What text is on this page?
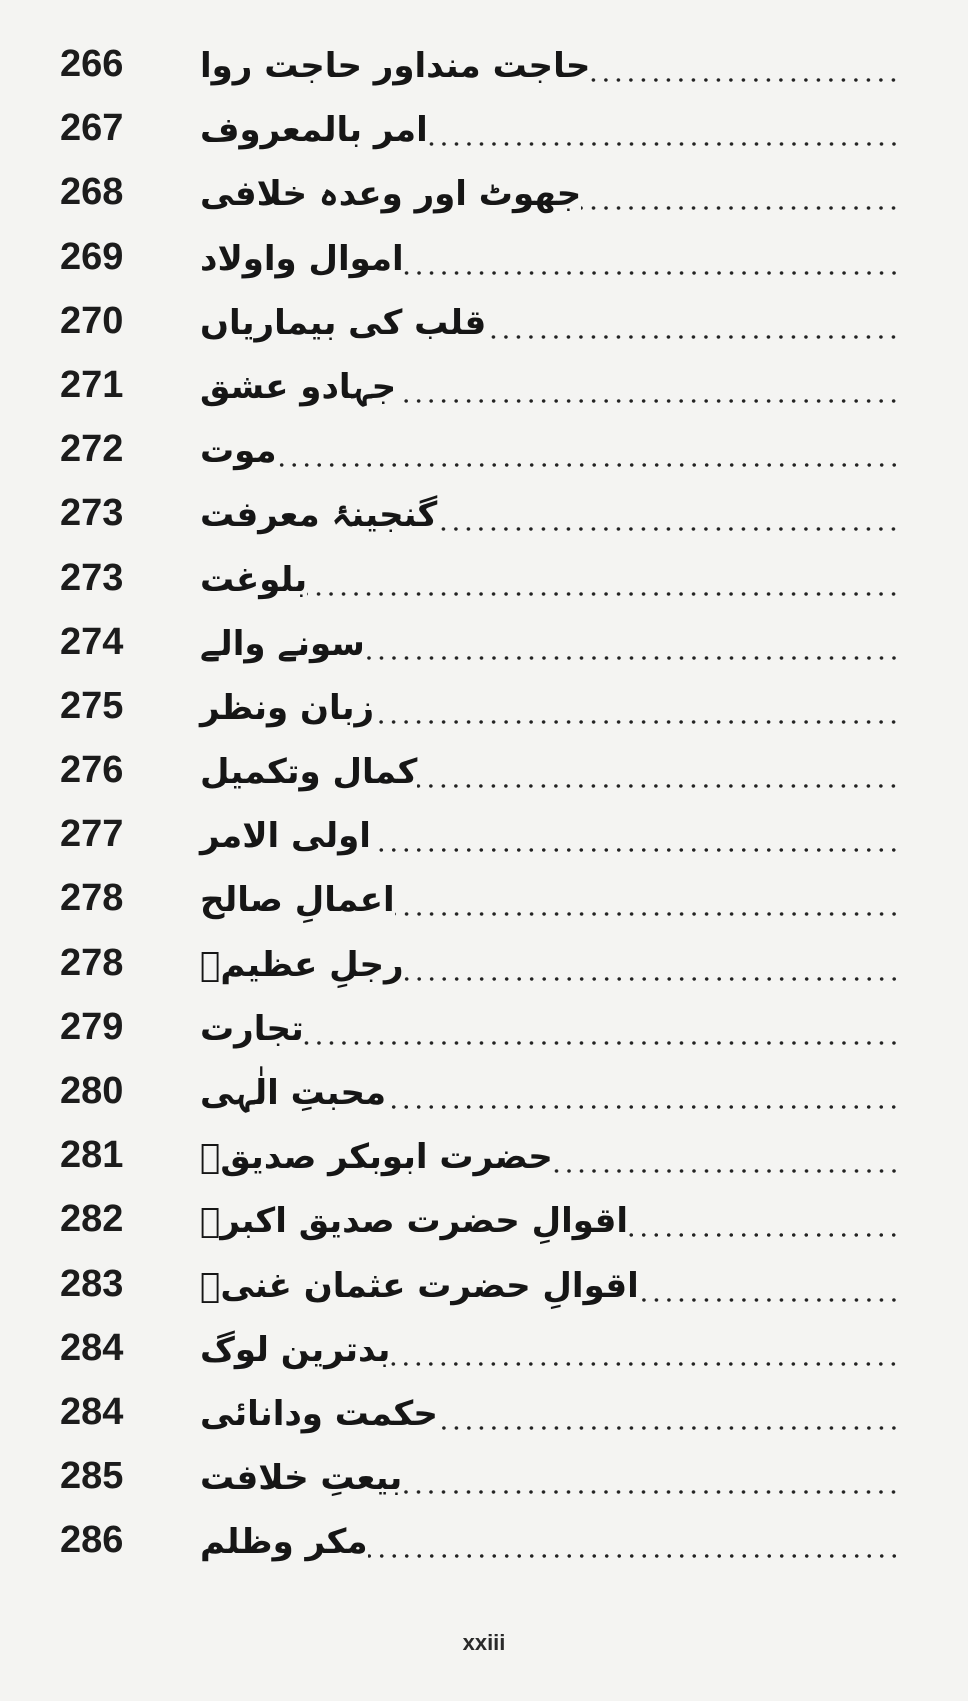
266 حاجت منداور حاجت روا
267 امر بالمعروف
268 جھوٹ اور وعدہ خلافی
269 اموال واولاد
270 قلب کی بیماریاں
271 جہادو عشق
272 موت
273 گنجینۂ معرفت
273 بلوغت
274 سونے والے
275 زبان ونظر
276 کمال وتکمیل
277 اولی الامر
278 اعمالِ صالح
278 رجلِ عظیمؒ
279 تجارت
280 محبتِ الٰہی
281 حضرت ابوبکر صدیقؓ
282 اقوالِ حضرت صدیق اکبرؓ
283 اقوالِ حضرت عثمان غنیؓ
284 بدترین لوگ
284 حکمت ودانائی
285 بیعتِ خلافت
286 مکر وظلم
xxiii
